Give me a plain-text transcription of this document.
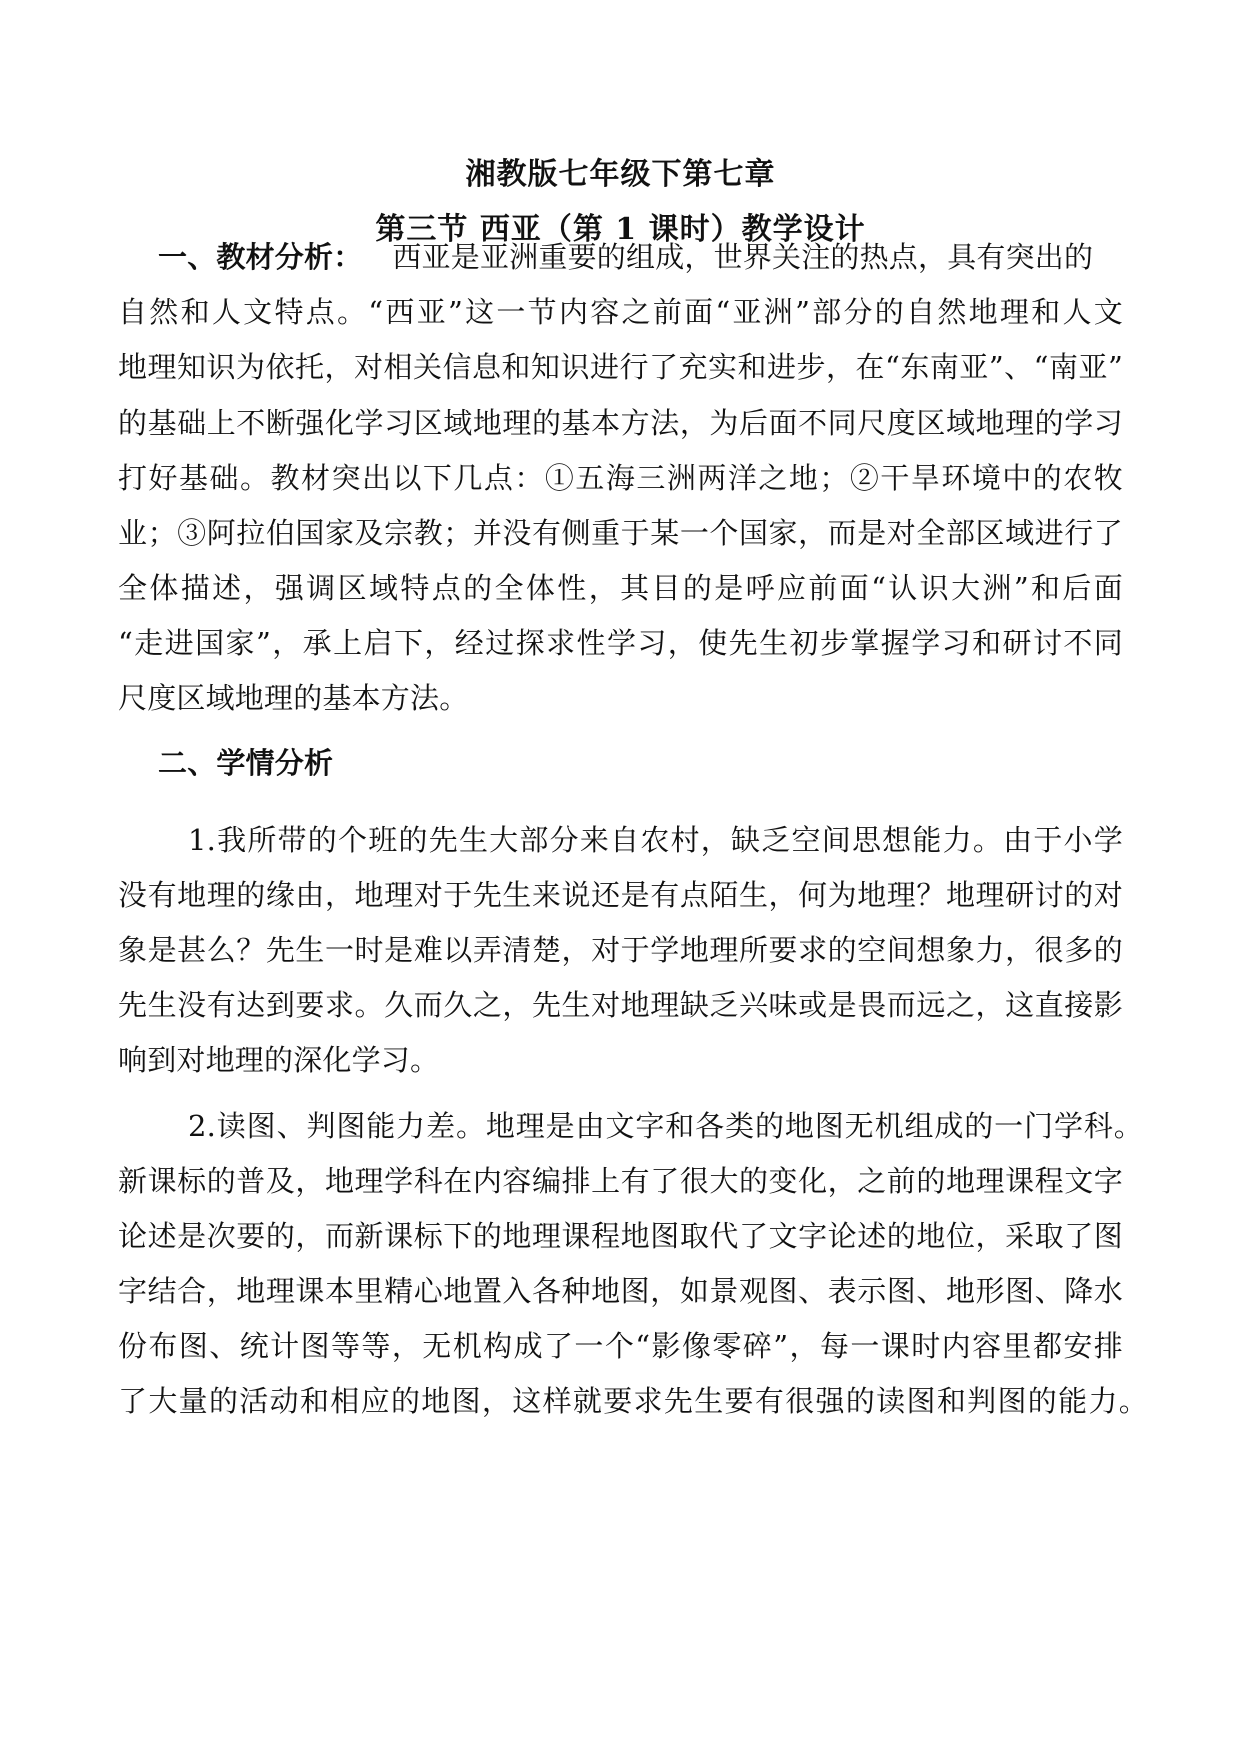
湘教版七年级下第七章
第三节 西亚（第 1 课时）教学设计
一、教材分析： 西亚是亚洲重要的组成，世界关注的热点，具有突出的
自然和人文特点。“西亚”这一节内容之前面“亚洲”部分的自然地理和人文
地理知识为依托，对相关信息和知识进行了充实和进步，在“东南亚”、“南亚”
的基础上不断强化学习区域地理的基本方法，为后面不同尺度区域地理的学习
打好基础。教材突出以下几点：①五海三洲两洋之地；②干旱环境中的农牧
业；③阿拉伯国家及宗教；并没有侧重于某一个国家，而是对全部区域进行了
全体描述，强调区域特点的全体性，其目的是呼应前面“认识大洲”和后面
“走进国家”，承上启下，经过探求性学习，使先生初步掌握学习和研讨不同
尺度区域地理的基本方法。
二、学情分析
1.我所带的个班的先生大部分来自农村，缺乏空间思想能力。由于小学
没有地理的缘由，地理对于先生来说还是有点陌生，何为地理？地理研讨的对
象是甚么？先生一时是难以弄清楚，对于学地理所要求的空间想象力，很多的
先生没有达到要求。久而久之，先生对地理缺乏兴味或是畏而远之，这直接影
响到对地理的深化学习。
2.读图、判图能力差。地理是由文字和各类的地图无机组成的一门学科。
新课标的普及，地理学科在内容编排上有了很大的变化，之前的地理课程文字
论述是次要的，而新课标下的地理课程地图取代了文字论述的地位，采取了图
字结合，地理课本里精心地置入各种地图，如景观图、表示图、地形图、降水
份布图、统计图等等，无机构成了一个“影像零碎”，每一课时内容里都安排
了大量的活动和相应的地图，这样就要求先生要有很强的读图和判图的能力。
